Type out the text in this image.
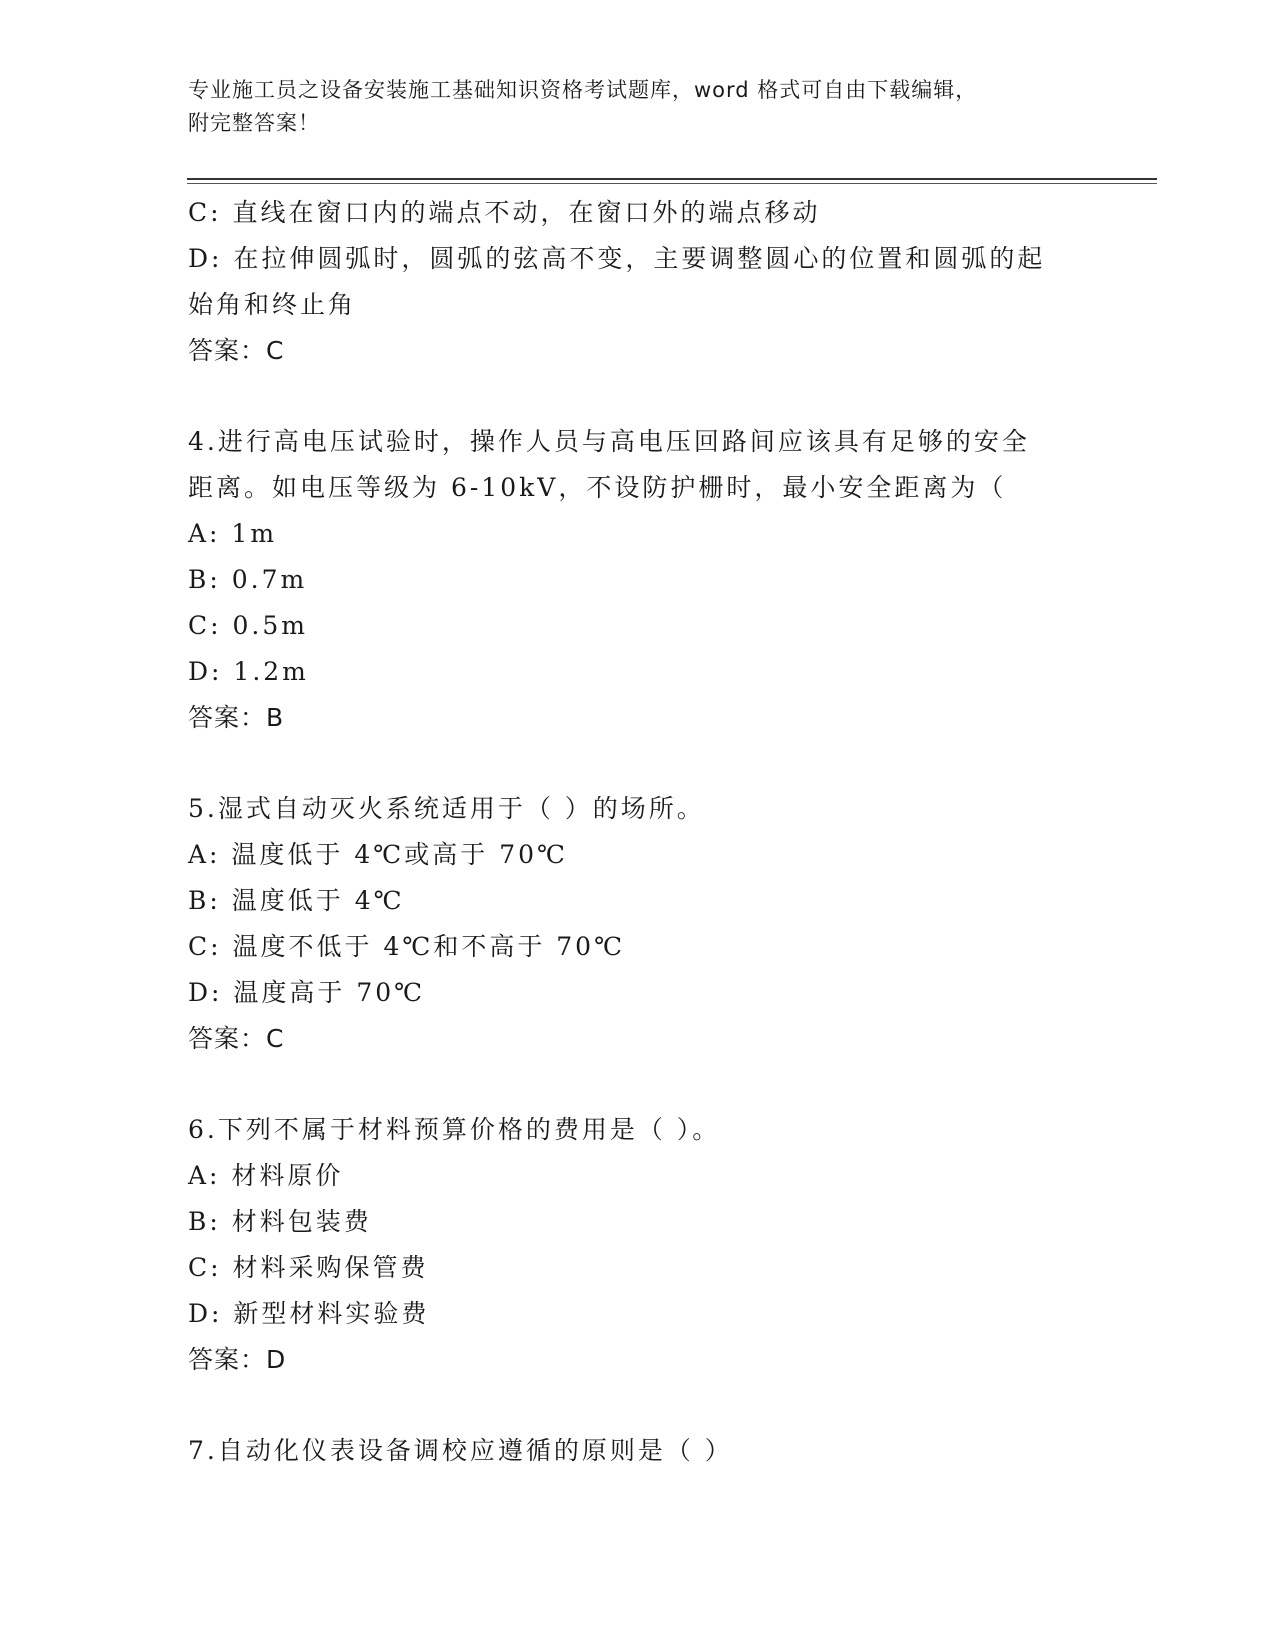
专业施工员之设备安装施工基础知识资格考试题库，word 格式可自由下载编辑，
附完整答案！
C: 直线在窗口内的端点不动，在窗口外的端点移动
D: 在拉伸圆弧时，圆弧的弦高不变，主要调整圆心的位置和圆弧的起
始角和终止角
答案：C
4.进行高电压试验时，操作人员与高电压回路间应该具有足够的安全
距离。如电压等级为 6-10kV，不设防护栅时，最小安全距离为（
A: 1m
B: 0.7m
C: 0.5m
D: 1.2m
答案：B
5.湿式自动灭火系统适用于（ ）的场所。
A: 温度低于 4℃或高于 70℃
B: 温度低于 4℃
C: 温度不低于 4℃和不高于 70℃
D: 温度高于 70℃
答案：C
6.下列不属于材料预算价格的费用是（ ）。
A: 材料原价
B: 材料包装费
C: 材料采购保管费
D: 新型材料实验费
答案：D
7.自动化仪表设备调校应遵循的原则是（ ）
